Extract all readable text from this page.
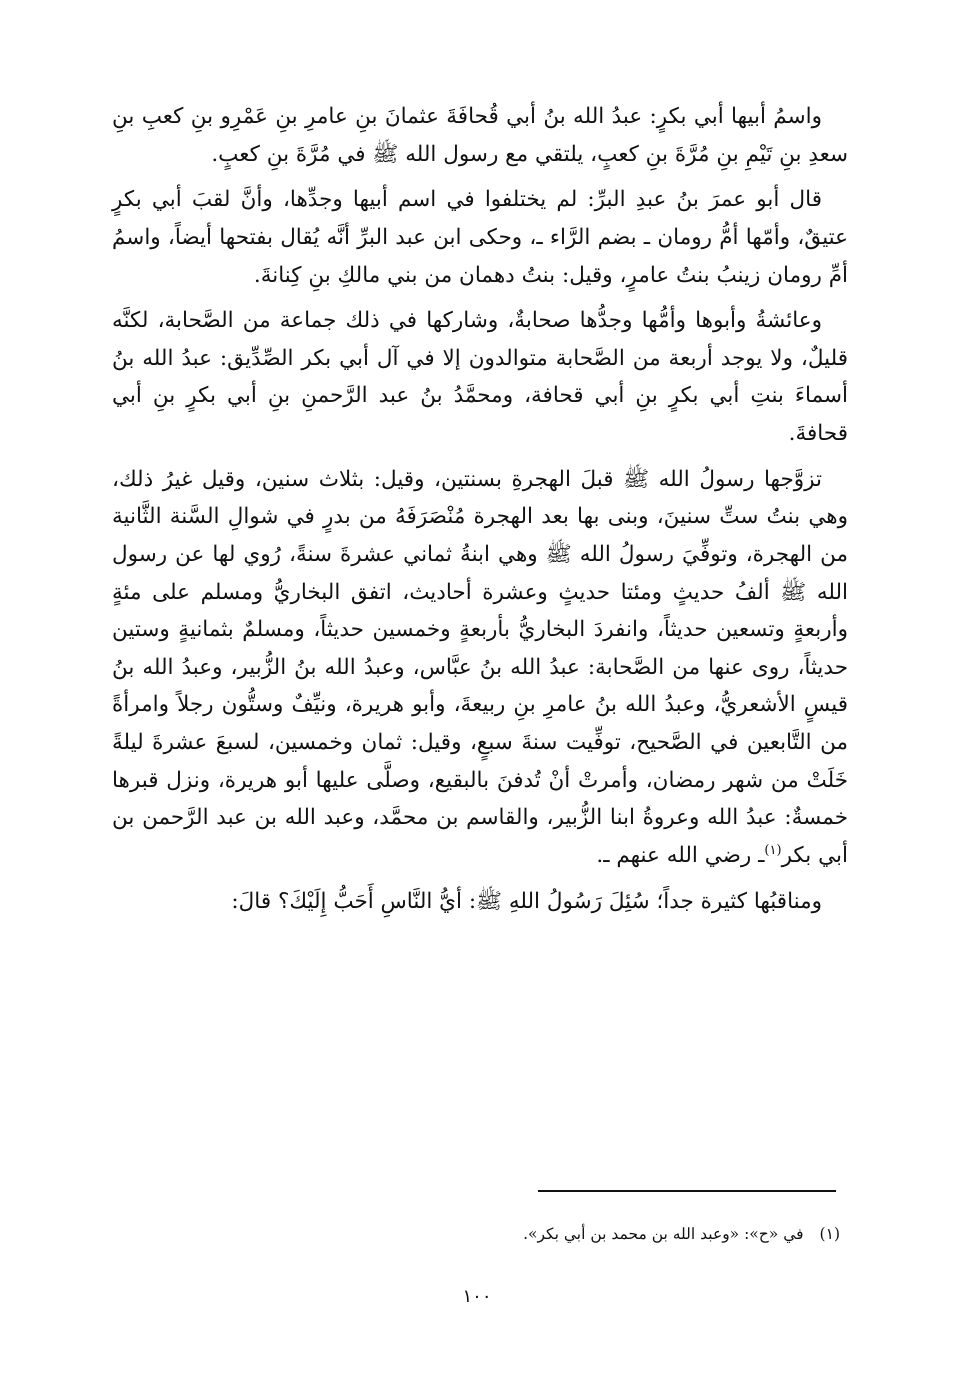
واسمُ أبيها أبي بكرٍ: عبدُ الله بنُ أبي قُحافَةَ عثمانَ بنِ عامرِ بنِ عَمْرِو بنِ كعبِ بنِ سعدِ بنِ تَيْمِ بنِ مُرَّةَ بنِ كعبٍ، يلتقي مع رسول الله ﷺ في مُرَّةَ بنِ كعبٍ.

قال أبو عمرَ بنُ عبدِ البرِّ: لم يختلفوا في اسم أبيها وجدِّها، وأنَّ لقبَ أبي بكرٍ عتيقٌ، وأمّها أمُّ رومان ـ بضم الرَّاء ـ، وحكى ابن عبد البرِّ أنَّه يُقال بفتحها أيضاً، واسمُ أمِّ رومان زينبُ بنتُ عامرٍ، وقيل: بنتُ دهمان من بني مالكِ بنِ كِنانةَ.

وعائشةُ وأبوها وأمُّها وجدُّها صحابةٌ، وشاركها في ذلك جماعة من الصَّحابة، لكنَّه قليلٌ، ولا يوجد أربعة من الصَّحابة متوالدون إلا في آل أبي بكر الصِّدِّيق: عبدُ الله بنُ أسماءَ بنتِ أبي بكرٍ بنِ أبي قحافة، ومحمَّدُ بنُ عبد الرَّحمنِ بنِ أبي بكرٍ بنِ أبي قحافةَ.

تزوَّجها رسولُ الله ﷺ قبلَ الهجرةِ بسنتين، وقيل: بثلاث سنين، وقيل غيرُ ذلك، وهي بنتُ ستِّ سنينَ، وبنى بها بعد الهجرة مُنْصَرَفَهُ من بدرٍ في شوالِ السَّنة الثَّانية من الهجرة، وتوفِّيَ رسولُ الله ﷺ وهي ابنةُ ثماني عشرةَ سنةً، رُوي لها عن رسول الله ﷺ ألفُ حديثٍ ومئتا حديثٍ وعشرة أحاديث، اتفق البخاريُّ ومسلم على مئةٍ وأربعةٍ وتسعين حديثاً، وانفردَ البخاريُّ بأربعةٍ وخمسين حديثاً، ومسلمٌ بثمانيةٍ وستين حديثاً، روى عنها من الصَّحابة: عبدُ الله بنُ عبَّاس، وعبدُ الله بنُ الزُّبير، وعبدُ الله بنُ قيسٍ الأشعريُّ، وعبدُ الله بنُ عامرِ بنِ ربيعةَ، وأبو هريرة، ونيِّفٌ وستُّون رجلاً وامرأةً من التَّابعين في الصَّحيح، توفِّيت سنةَ سبعٍ، وقيل: ثمان وخمسين، لسبعَ عشرةَ ليلةً خَلَتْ من شهر رمضان، وأمرتْ أنْ تُدفنَ بالبقيع، وصلَّى عليها أبو هريرة، ونزل قبرها خمسةٌ: عبدُ الله وعروةُ ابنا الزُّبير، والقاسم بن محمَّد، وعبد الله بن عبد الرَّحمن بن أبي بكر$^{(١)}$ـ رضي الله عنهم ـ.

ومناقبُها كثيرة جداً؛ سُئِلَ رَسُولُ اللهِ ﷺ: أيُّ النَّاسِ أَحَبُّ إِلَيْكَ؟ قالَ:

(١)في «ح»: «وعبد الله بن محمد بن أبي بكر».
١٠٠
